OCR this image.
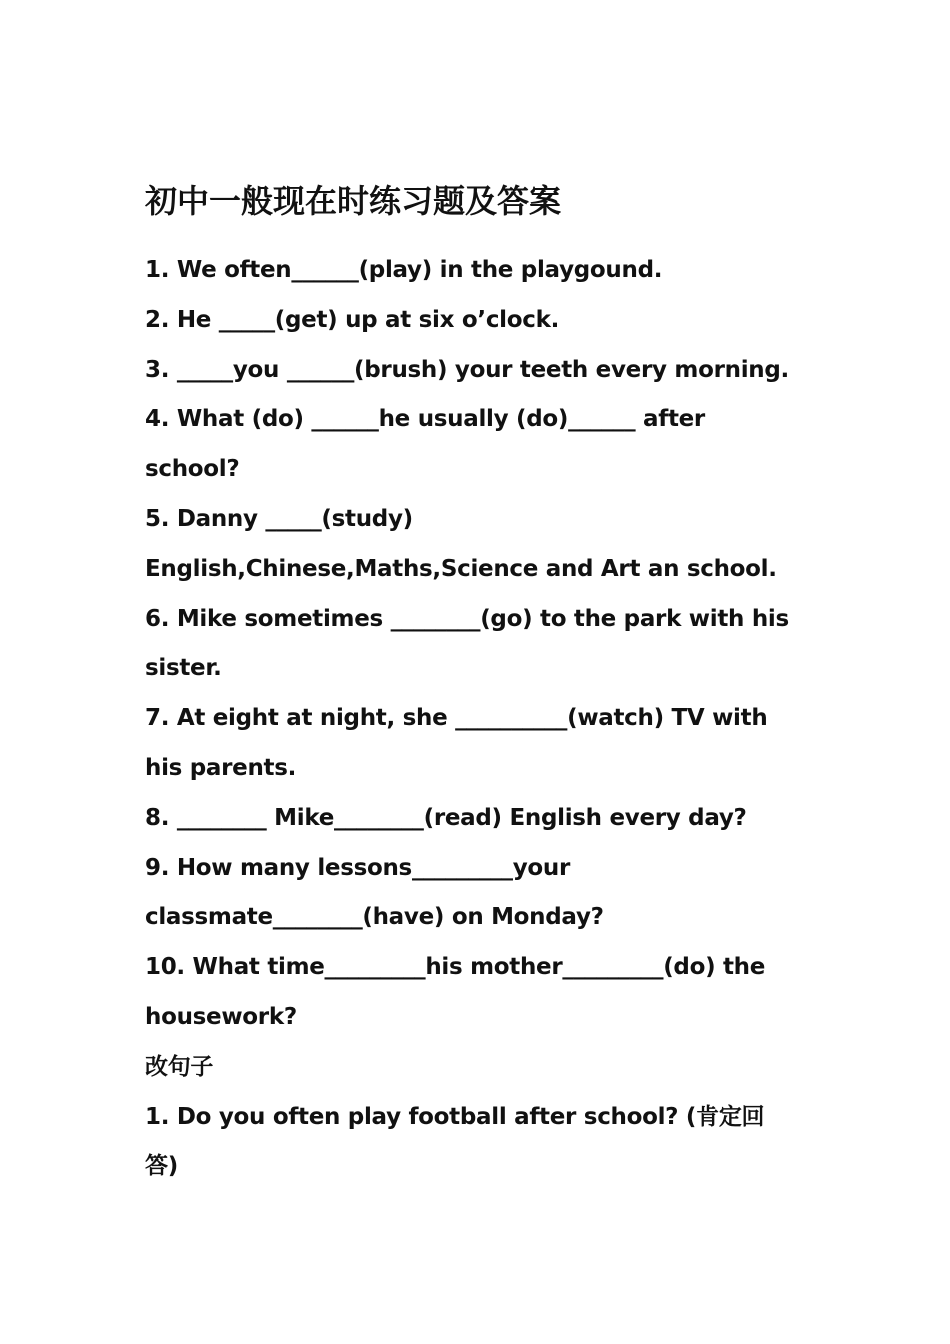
初中一般现在时练习题及答案

1. We often______(play) in the playgound.

2. He _____(get) up at six o’clock.

3. _____you ______(brush) your teeth every morning.

4. What (do) ______he usually (do)______ after

school?

5. Danny _____(study)

English,Chinese,Maths,Science and Art an school.

6. Mike sometimes ________(go) to the park with his

sister.

7. At eight at night, she __________(watch) TV with

his parents.

8. ________ Mike________(read) English every day?

9. How many lessons_________your

classmate________(have) on Monday?

10. What time_________his mother_________(do) the

housework?

改句子

1. Do you often play football after school? (肯定回

答)
